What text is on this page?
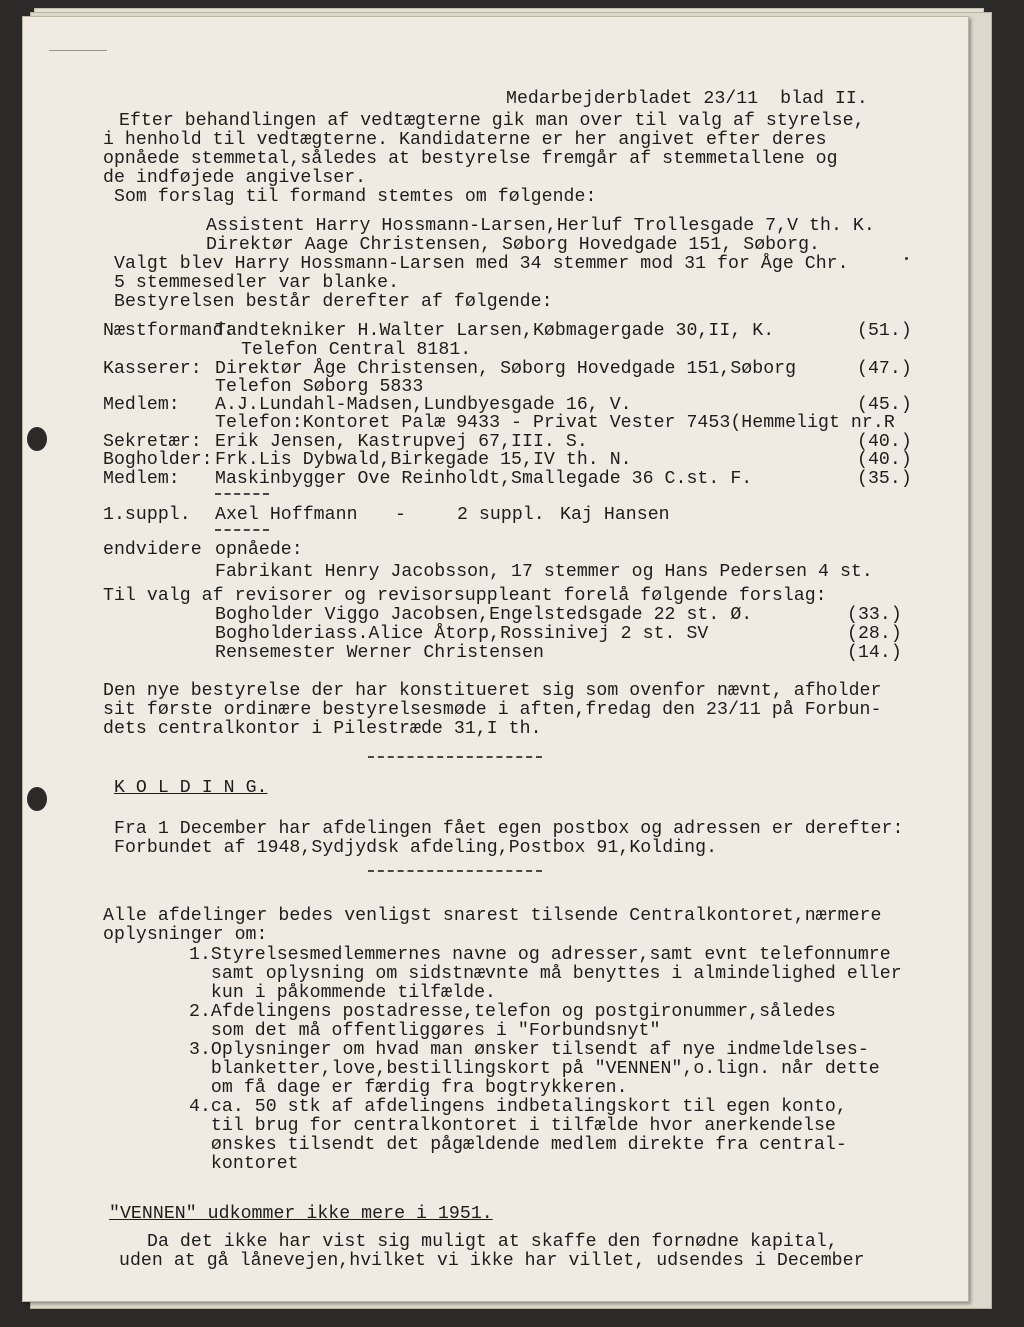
Medarbejderbladet 23/11  blad II.
Efter behandlingen af vedtægterne gik man over til valg af styrelse,
i henhold til vedtægterne. Kandidaterne er her angivet efter deres
opnåede stemmetal,således at bestyrelse fremgår af stemmetallene og
de indføjede angivelser.
Som forslag til formand stemtes om følgende:
Assistent Harry Hossmann-Larsen,Herluf Trollesgade 7,V th. K.
Direktør Aage Christensen, Søborg Hovedgade 151, Søborg.
Valgt blev Harry Hossmann-Larsen med 34 stemmer mod 31 for Åge Chr.
5 stemmesedler var blanke.
Bestyrelsen består derefter af følgende:
Næstformand:
Kasserer:
Medlem:
Sekretær:
Bogholder:
Medlem:
Tandtekniker H.Walter Larsen,Købmagergade 30,II, K.
Telefon Central 8181.
Direktør Åge Christensen, Søborg Hovedgade 151,Søborg
Telefon Søborg 5833
A.J.Lundahl-Madsen,Lundbyesgade 16, V.
Telefon:Kontoret Palæ 9433 - Privat Vester 7453(Hemmeligt nr.R
Erik Jensen, Kastrupvej 67,III. S.
Frk.Lis Dybwald,Birkegade 15,IV th. N.
Maskinbygger Ove Reinholdt,Smallegade 36 C.st. F.
(51.)
(47.)
(45.)
(40.)
(40.)
(35.)
1.suppl. Axel Hoffmann -	2 suppl. Kaj Hansen
endvidere opnåede:
Fabrikant Henry Jacobsson, 17 stemmer og Hans Pedersen 4 st.
Til valg af revisorer og revisorsuppleant forelå følgende forslag:
Bogholder Viggo Jacobsen,Engelstedsgade 22 st. Ø.
Bogholderiass.Alice Åtorp,Rossinivej 2 st. SV
Rensemester Werner Christensen
(33.)
(28.)
(14.)
Den nye bestyrelse der har konstitueret sig som ovenfor nævnt, afholder
sit første ordinære bestyrelsesmøde i aften,fredag den 23/11 på Forbun-
dets centralkontor i Pilestræde 31,I th.
K O L D I N G.
Fra 1 December har afdelingen fået egen postbox og adressen er derefter:
Forbundet af 1948,Sydjydsk afdeling,Postbox 91,Kolding.
Alle afdelinger bedes venligst snarest tilsende Centralkontoret,nærmere
oplysninger om:
1.Styrelsesmedlemmernes navne og adresser,samt evnt telefonnumre
samt oplysning om sidstnævnte må benyttes i almindelighed eller
kun i påkommende tilfælde.
2.Afdelingens postadresse,telefon og postgironummer,således
som det må offentliggøres i "Forbundsnyt"
3.Oplysninger om hvad man ønsker tilsendt af nye indmeldelses-
blanketter,love,bestillingskort på "VENNEN",o.lign. når dette
om få dage er færdig fra bogtrykkeren.
4.ca. 50 stk af afdelingens indbetalingskort til egen konto,
til brug for centralkontoret i tilfælde hvor anerkendelse
ønskes tilsendt det pågældende medlem direkte fra central-
kontoret
"VENNEN" udkommer ikke mere i 1951.
Da det ikke har vist sig muligt at skaffe den fornødne kapital,
uden at gå lånevejen,hvilket vi ikke har villet, udsendes i December
